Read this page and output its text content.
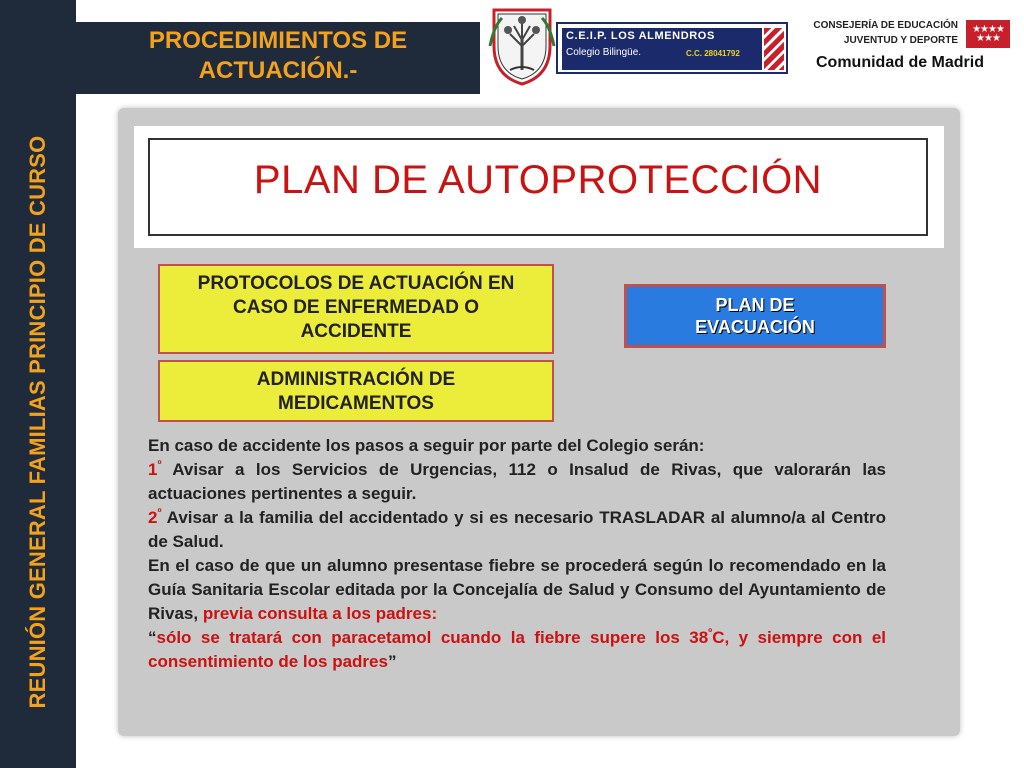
REUNIÓN GENERAL FAMILIAS PRINCIPIO DE CURSO
PROCEDIMIENTOS DE
ACTUACIÓN.-
C.E.I.P. LOS ALMENDROS
Colegio Bilingüe.	C.C. 28041792
CONSEJERÍA DE EDUCACIÓN
JUVENTUD Y DEPORTE
★★★★
★★★
Comunidad de Madrid
PLAN DE AUTOPROTECCIÓN
PROTOCOLOS DE ACTUACIÓN EN
CASO DE ENFERMEDAD O
ACCIDENTE
ADMINISTRACIÓN DE
MEDICAMENTOS
PLAN DE
EVACUACIÓN

En caso de accidente los pasos a seguir por parte del Colegio serán:

$1^º$ Avisar a los Servicios de Urgencias, 112 o Insalud de Rivas, que valorarán las actuaciones pertinentes a seguir.

$2^º$ Avisar a la familia del accidentado y si es necesario TRASLADAR al alumno/a al Centro de Salud.

En el caso de que un alumno presentase fiebre se procederá según lo recomendado en la Guía Sanitaria Escolar editada por la Concejalía de Salud y Consumo del Ayuntamiento de Rivas, previa consulta a los padres:

“sólo se tratará con paracetamol cuando la fiebre supere los $38^ºC$, y siempre con el consentimiento de los padres”
